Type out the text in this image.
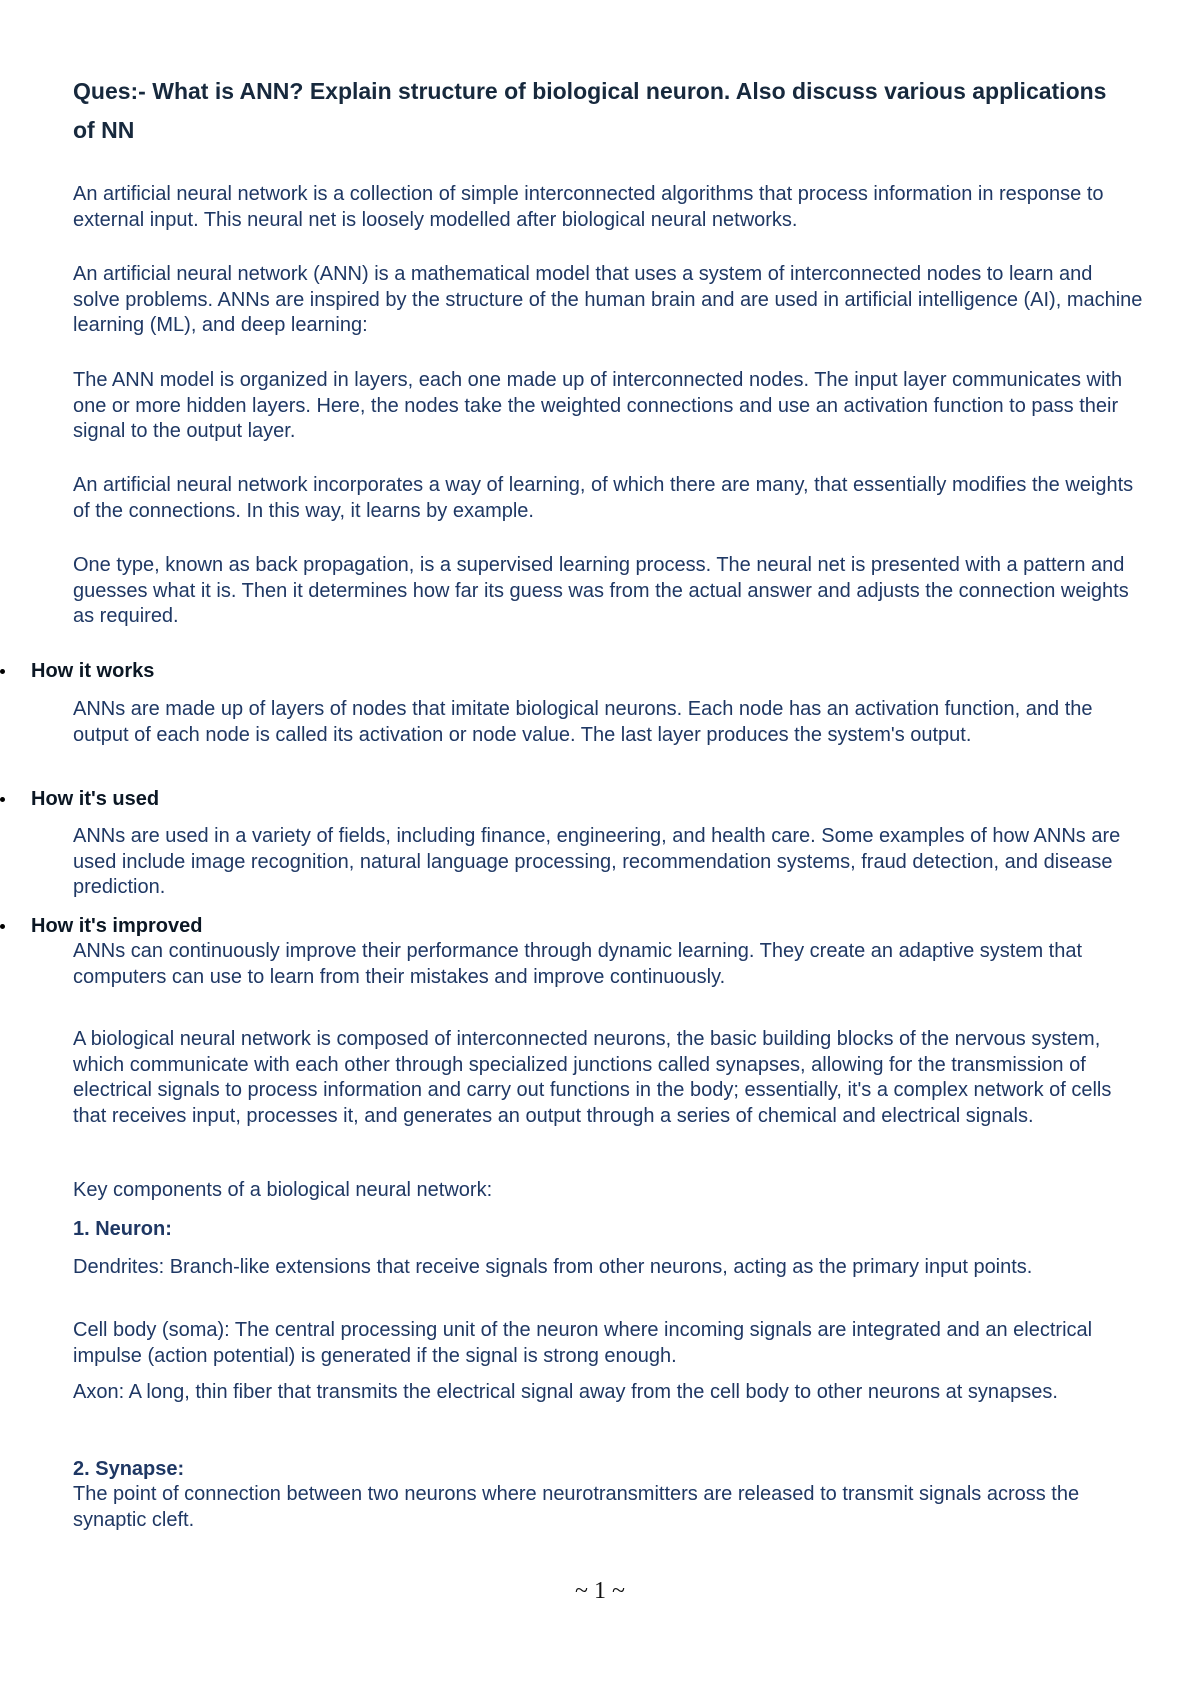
Ques:- What is ANN? Explain structure of biological neuron. Also discuss various applications of NN

An artificial neural network is a collection of simple interconnected algorithms that process information in response to external input. This neural net is loosely modelled after biological neural networks.

An artificial neural network (ANN) is a mathematical model that uses a system of interconnected nodes to learn and solve problems. ANNs are inspired by the structure of the human brain and are used in artificial intelligence (AI), machine learning (ML), and deep learning:

The ANN model is organized in layers, each one made up of interconnected nodes. The input layer communicates with one or more hidden layers. Here, the nodes take the weighted connections and use an activation function to pass their signal to the output layer.

An artificial neural network incorporates a way of learning, of which there are many, that essentially modifies the weights of the connections. In this way, it learns by example.

One type, known as back propagation, is a supervised learning process. The neural net is presented with a pattern and guesses what it is. Then it determines how far its guess was from the actual answer and adjusts the connection weights as required.

How it works

ANNs are made up of layers of nodes that imitate biological neurons. Each node has an activation function, and the output of each node is called its activation or node value. The last layer produces the system's output.

How it's used

ANNs are used in a variety of fields, including finance, engineering, and health care. Some examples of how ANNs are used include image recognition, natural language processing, recommendation systems, fraud detection, and disease prediction.

How it's improved

ANNs can continuously improve their performance through dynamic learning. They create an adaptive system that computers can use to learn from their mistakes and improve continuously.

A biological neural network is composed of interconnected neurons, the basic building blocks of the nervous system, which communicate with each other through specialized junctions called synapses, allowing for the transmission of electrical signals to process information and carry out functions in the body; essentially, it's a complex network of cells that receives input, processes it, and generates an output through a series of chemical and electrical signals.

Key components of a biological neural network:

1. Neuron:

Dendrites: Branch-like extensions that receive signals from other neurons, acting as the primary input points.

Cell body (soma): The central processing unit of the neuron where incoming signals are integrated and an electrical impulse (action potential) is generated if the signal is strong enough.

Axon: A long, thin fiber that transmits the electrical signal away from the cell body to other neurons at synapses.

2. Synapse:

The point of connection between two neurons where neurotransmitters are released to transmit signals across the synaptic cleft.

~ 1 ~
